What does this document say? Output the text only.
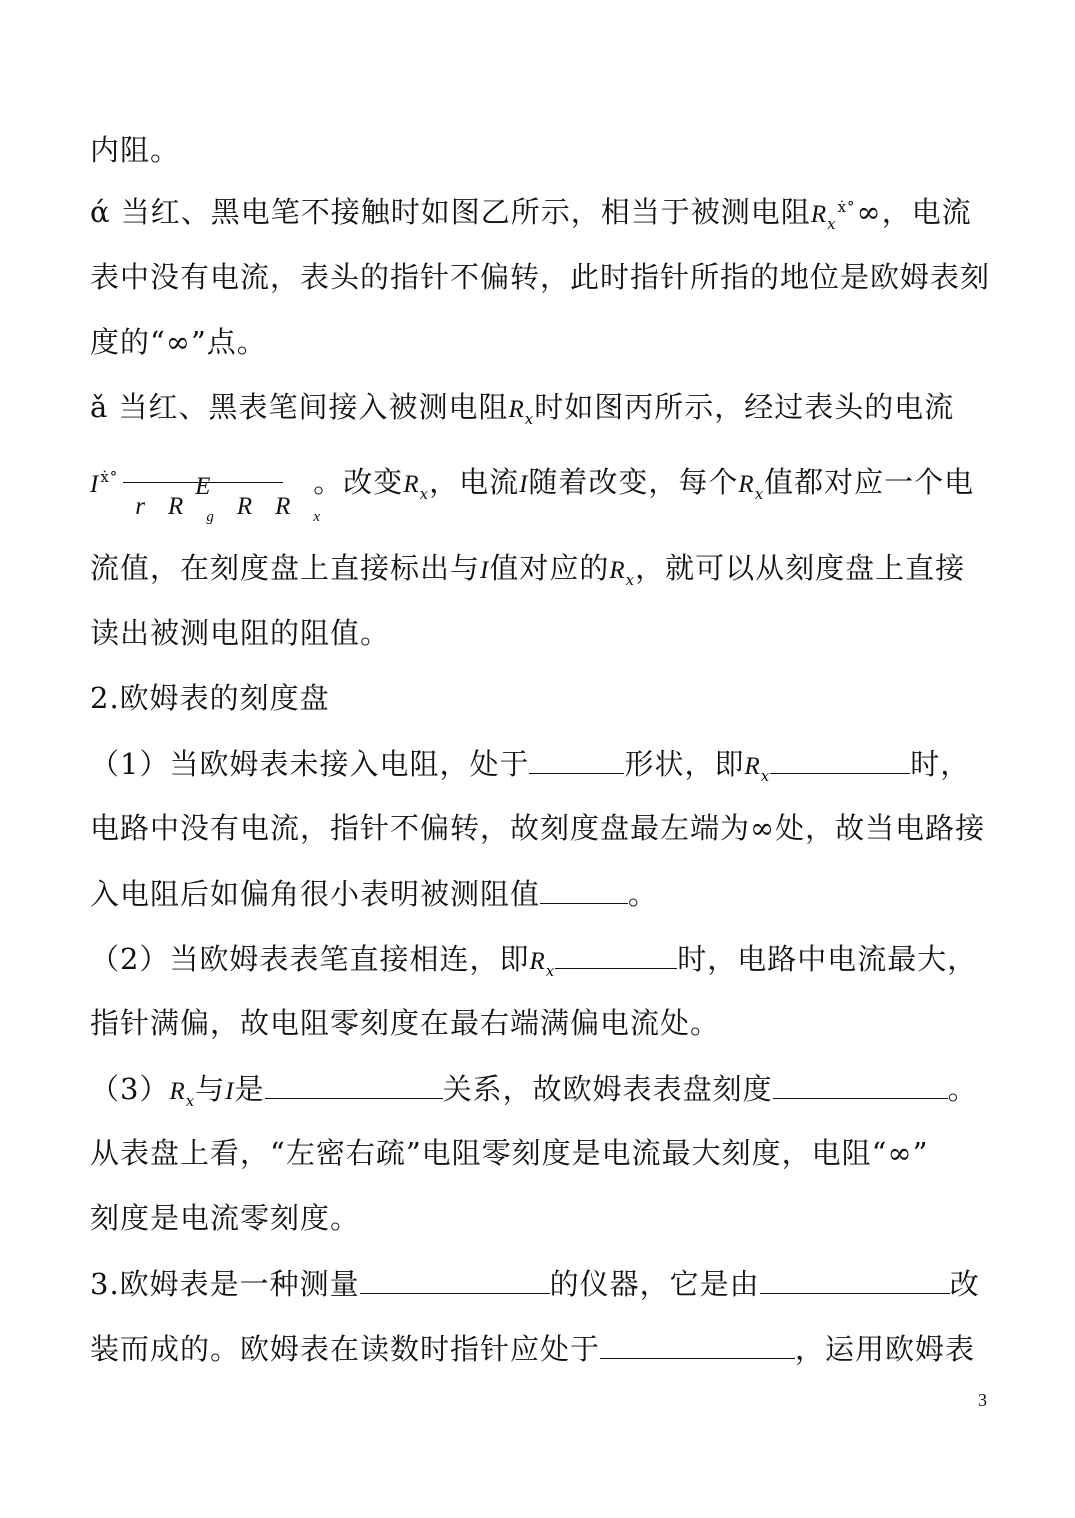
内阻。
ά 当红、黑电笔不接触时如图乙所示，相当于被测电阻$R_x^{ẋ^\circ}\infty$，电流
表中没有电流，表头的指针不偏转，此时指针所指的地位是欧姆表刻
度的“∞”点。
ǎ 当红、黑表笔间接入被测电阻$R_x$时如图丙所示，经过表头的电流
$I^{ẋ^\circ}$	E
r R $_g$ R R $_x$
。改变$R_x$，电流I随着改变，每个$R_x$值都对应一个电
流值，在刻度盘上直接标出与I值对应的$R_x$，就可以从刻度盘上直接
读出被测电阻的阻值。
2.欧姆表的刻度盘
（1）当欧姆表未接入电阻，处于	形状，即$R_x$	时，
电路中没有电流，指针不偏转，故刻度盘最左端为∞处，故当电路接
入电阻后如偏角很小表明被测阻值	。
（2）当欧姆表表笔直接相连，即$R_x$	时，电路中电流最大，
指针满偏，故电阻零刻度在最右端满偏电流处。
$(3)R_x$与I是	关系，故欧姆表表盘刻度	。
从表盘上看，“左密右疏”电阻零刻度是电流最大刻度，电阻“∞”
刻度是电流零刻度。
3.欧姆表是一种测量	的仪器，它是由	改
装而成的。欧姆表在读数时指针应处于	，运用欧姆表
3
